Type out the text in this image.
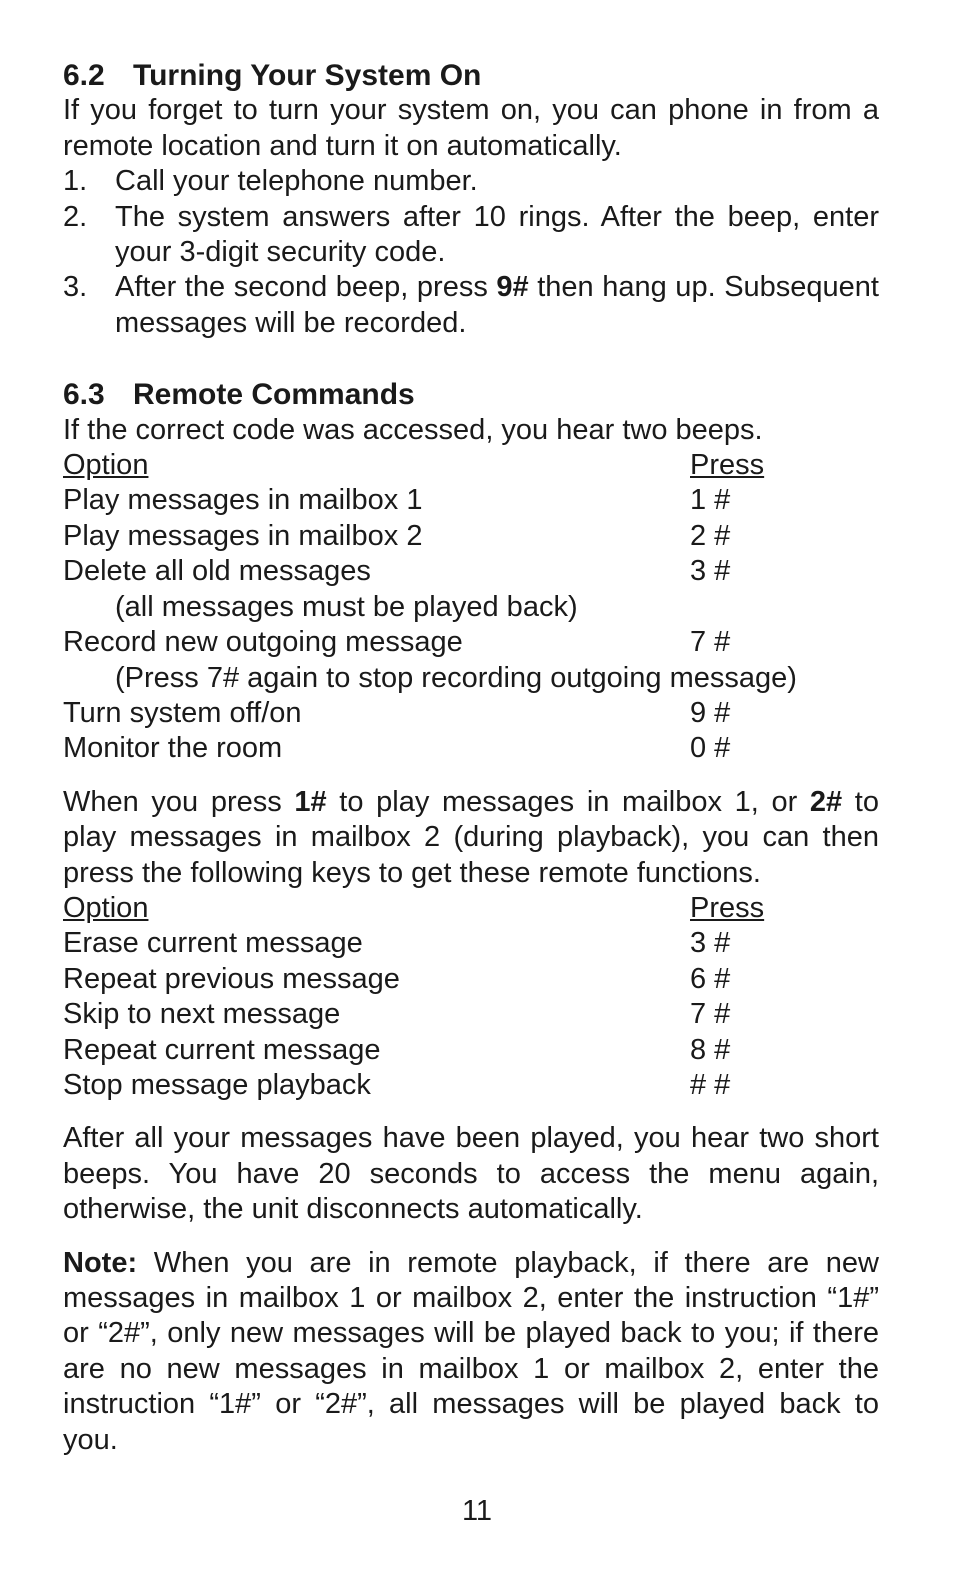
6.2 Turning Your System On

If you forget to turn your system on, you can phone in from a remote location and turn it on automatically.

1. Call your telephone number.
2. The system answers after 10 rings. After the beep, enter your 3-digit security code.
3. After the second beep, press 9# then hang up. Subsequent messages will be recorded.
6.3 Remote Commands

If the correct code was accessed, you hear two beeps.

Option	Press
Play messages in mailbox 1	1 #
Play messages in mailbox 2	2 #
Delete all old messages	3 #
(all messages must be played back)
Record new outgoing message	7 #
(Press 7# again to stop recording outgoing message)
Turn system off/on	9 #
Monitor the room	0 #

When you press 1# to play messages in mailbox 1, or 2# to play messages in mailbox 2 (during playback), you can then press the following keys to get these remote functions.

Option	Press
Erase current message	3 #
Repeat previous message	6 #
Skip to next message	7 #
Repeat current message	8 #
Stop message playback	# #

After all your messages have been played, you hear two short beeps. You have 20 seconds to access the menu again, otherwise, the unit disconnects automatically.

Note: When you are in remote playback, if there are new messages in mailbox 1 or mailbox 2, enter the instruction “1#” or “2#”, only new messages will be played back to you; if there are no new messages in mailbox 1 or mailbox 2, enter the instruction “1#” or “2#”, all messages will be played back to you.

11
